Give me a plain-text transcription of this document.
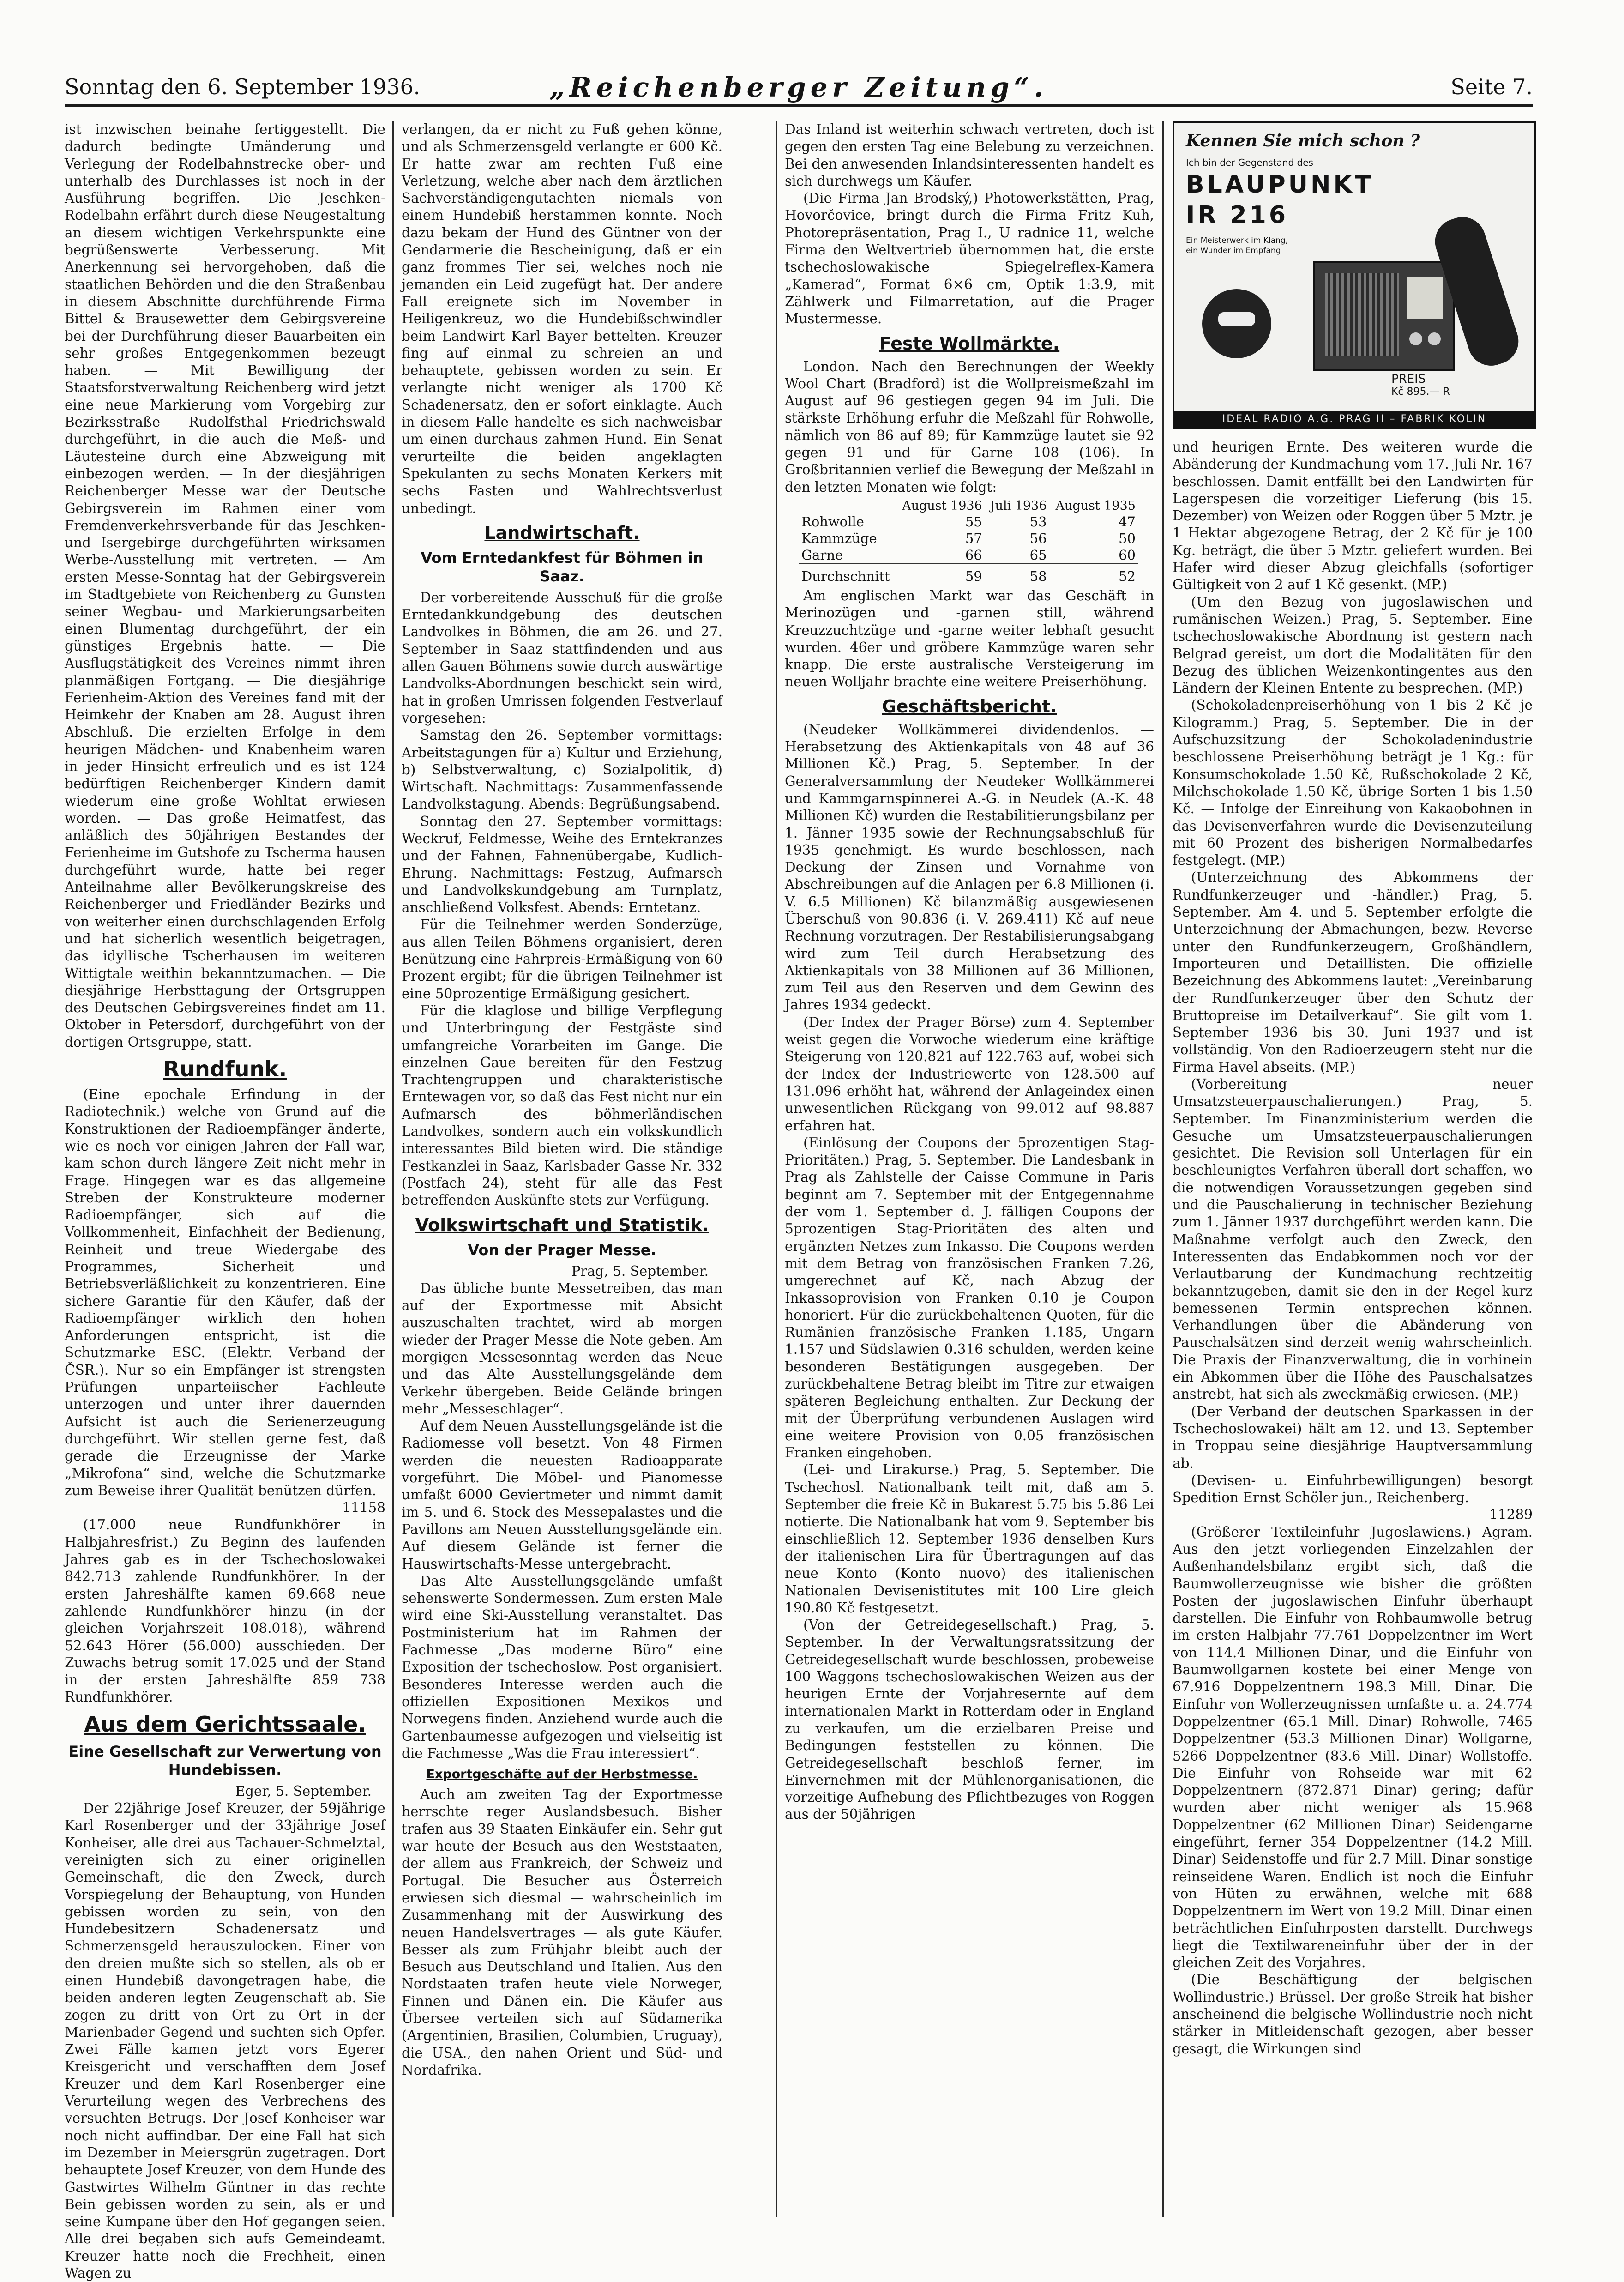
Sonntag den 6. September 1936.	„Reichenberger Zeitung“.	Seite 7.

ist inzwischen beinahe fertiggestellt. Die dadurch bedingte Umänderung und Verlegung der Rodelbahnstrecke ober- und unterhalb des Durchlasses ist noch in der Ausführung begriffen. Die Jeschken-Rodelbahn erfährt durch diese Neugestaltung an diesem wichtigen Verkehrspunkte eine begrüßenswerte Verbesserung. Mit Anerkennung sei hervorgehoben, daß die staatlichen Behörden und die den Straßenbau in diesem Abschnitte durchführende Firma Bittel & Brausewetter dem Gebirgsvereine bei der Durchführung dieser Bauarbeiten ein sehr großes Entgegenkommen bezeugt haben. — Mit Bewilligung der Staatsforstverwaltung Reichenberg wird jetzt eine neue Markierung vom Vorgebirg zur Bezirksstraße Rudolfsthal—Friedrichswald durchgeführt, in die auch die Meß- und Läutesteine durch eine Abzweigung mit einbezogen werden. — In der diesjährigen Reichenberger Messe war der Deutsche Gebirgsverein im Rahmen einer vom Fremdenverkehrsverbande für das Jeschken- und Isergebirge durchgeführten wirksamen Werbe-Ausstellung mit vertreten. — Am ersten Messe-Sonntag hat der Gebirgsverein im Stadtgebiete von Reichenberg zu Gunsten seiner Wegbau- und Markierungsarbeiten einen Blumentag durchgeführt, der ein günstiges Ergebnis hatte. — Die Ausflugstätigkeit des Vereines nimmt ihren planmäßigen Fortgang. — Die diesjährige Ferienheim-Aktion des Vereines fand mit der Heimkehr der Knaben am 28. August ihren Abschluß. Die erzielten Erfolge in dem heurigen Mädchen- und Knabenheim waren in jeder Hinsicht erfreulich und es ist 124 bedürftigen Reichenberger Kindern damit wiederum eine große Wohltat erwiesen worden. — Das große Heimatfest, das anläßlich des 50jährigen Bestandes der Ferienheime im Gutshofe zu Tscherma hausen durchgeführt wurde, hatte bei reger Anteilnahme aller Bevölkerungskreise des Reichenberger und Friedländer Bezirks und von weiterher einen durchschlagenden Erfolg und hat sicherlich wesentlich beigetragen, das idyllische Tscherhausen im weiteren Wittigtale weithin bekanntzumachen. — Die diesjährige Herbsttagung der Ortsgruppen des Deutschen Gebirgsvereines findet am 11. Oktober in Petersdorf, durchgeführt von der dortigen Ortsgruppe, statt.

Rundfunk.

(Eine epochale Erfindung in der Radiotechnik.) welche von Grund auf die Konstruktionen der Radioempfänger änderte, wie es noch vor einigen Jahren der Fall war, kam schon durch längere Zeit nicht mehr in Frage. Hingegen war es das allgemeine Streben der Konstrukteure moderner Radioempfänger, sich auf die Vollkommenheit, Einfachheit der Bedienung, Reinheit und treue Wiedergabe des Programmes, Sicherheit und Betriebsverläßlichkeit zu konzentrieren. Eine sichere Garantie für den Käufer, daß der Radioempfänger wirklich den hohen Anforderungen entspricht, ist die Schutzmarke ESC. (Elektr. Verband der ČSR.). Nur so ein Empfänger ist strengsten Prüfungen unparteiischer Fachleute unterzogen und unter ihrer dauernden Aufsicht ist auch die Serienerzeugung durchgeführt. Wir stellen gerne fest, daß gerade die Erzeugnisse der Marke „Mikrofona“ sind, welche die Schutzmarke zum Beweise ihrer Qualität benützen dürfen.

11158

(17.000 neue Rundfunkhörer in Halbjahresfrist.) Zu Beginn des laufenden Jahres gab es in der Tschechoslowakei 842.713 zahlende Rundfunkhörer. In der ersten Jahreshälfte kamen 69.668 neue zahlende Rundfunkhörer hinzu (in der gleichen Vorjahrszeit 108.018), während 52.643 Hörer (56.000) ausschieden. Der Zuwachs betrug somit 17.025 und der Stand in der ersten Jahreshälfte 859 738 Rundfunkhörer.

Aus dem Gerichtssaale.
Eine Gesellschaft zur Verwertung von Hundebissen.
Eger, 5. September.

Der 22jährige Josef Kreuzer, der 59jährige Karl Rosenberger und der 33jährige Josef Konheiser, alle drei aus Tachauer-Schmelztal, vereinigten sich zu einer originellen Gemeinschaft, die den Zweck, durch Vorspiegelung der Behauptung, von Hunden gebissen worden zu sein, von den Hundebesitzern Schadenersatz und Schmerzensgeld herauszulocken. Einer von den dreien mußte sich so stellen, als ob er einen Hundebiß davongetragen habe, die beiden anderen legten Zeugenschaft ab. Sie zogen zu dritt von Ort zu Ort in der Marienbader Gegend und suchten sich Opfer. Zwei Fälle kamen jetzt vors Egerer Kreisgericht und verschafften dem Josef Kreuzer und dem Karl Rosenberger eine Verurteilung wegen des Verbrechens des versuchten Betrugs. Der Josef Konheiser war noch nicht auffindbar. Der eine Fall hat sich im Dezember in Meiersgrün zugetragen. Dort behauptete Josef Kreuzer, von dem Hunde des Gastwirtes Wilhelm Güntner in das rechte Bein gebissen worden zu sein, als er und seine Kumpane über den Hof gegangen seien. Alle drei begaben sich aufs Gemeindeamt. Kreuzer hatte noch die Frechheit, einen Wagen zu

verlangen, da er nicht zu Fuß gehen könne, und als Schmerzensgeld verlangte er 600 Kč. Er hatte zwar am rechten Fuß eine Verletzung, welche aber nach dem ärztlichen Sachverständigengutachten niemals von einem Hundebiß herstammen konnte. Noch dazu bekam der Hund des Güntner von der Gendarmerie die Bescheinigung, daß er ein ganz frommes Tier sei, welches noch nie jemanden ein Leid zugefügt hat. Der andere Fall ereignete sich im November in Heiligenkreuz, wo die Hundebißschwindler beim Landwirt Karl Bayer bettelten. Kreuzer fing auf einmal zu schreien an und behauptete, gebissen worden zu sein. Er verlangte nicht weniger als 1700 Kč Schadenersatz, den er sofort einklagte. Auch in diesem Falle handelte es sich nachweisbar um einen durchaus zahmen Hund. Ein Senat verurteilte die beiden angeklagten Spekulanten zu sechs Monaten Kerkers mit sechs Fasten und Wahlrechtsverlust unbedingt.

Landwirtschaft.
Vom Erntedankfest für Böhmen in Saaz.

Der vorbereitende Ausschuß für die große Erntedankkundgebung des deutschen Landvolkes in Böhmen, die am 26. und 27. September in Saaz stattfindenden und aus allen Gauen Böhmens sowie durch auswärtige Landvolks-Abordnungen beschickt sein wird, hat in großen Umrissen folgenden Festverlauf vorgesehen:

Samstag den 26. September vormittags: Arbeitstagungen für a) Kultur und Erziehung, b) Selbstverwaltung, c) Sozialpolitik, d) Wirtschaft. Nachmittags: Zusammenfassende Landvolkstagung. Abends: Begrüßungsabend.

Sonntag den 27. September vormittags: Weckruf, Feldmesse, Weihe des Erntekranzes und der Fahnen, Fahnenübergabe, Kudlich-Ehrung. Nachmittags: Festzug, Aufmarsch und Landvolkskundgebung am Turnplatz, anschließend Volksfest. Abends: Erntetanz.

Für die Teilnehmer werden Sonderzüge, aus allen Teilen Böhmens organisiert, deren Benützung eine Fahrpreis-Ermäßigung von 60 Prozent ergibt; für die übrigen Teilnehmer ist eine 50prozentige Ermäßigung gesichert.

Für die klaglose und billige Verpflegung und Unterbringung der Festgäste sind umfangreiche Vorarbeiten im Gange. Die einzelnen Gaue bereiten für den Festzug Trachtengruppen und charakteristische Erntewagen vor, so daß das Fest nicht nur ein Aufmarsch des böhmerländischen Landvolkes, sondern auch ein volkskundlich interessantes Bild bieten wird. Die ständige Festkanzlei in Saaz, Karlsbader Gasse Nr. 332 (Postfach 24), steht für alle das Fest betreffenden Auskünfte stets zur Verfügung.

Volkswirtschaft und Statistik.
Von der Prager Messe.
Prag, 5. September.

Das übliche bunte Messetreiben, das man auf der Exportmesse mit Absicht auszuschalten trachtet, wird ab morgen wieder der Prager Messe die Note geben. Am morgigen Messesonntag werden das Neue und das Alte Ausstellungsgelände dem Verkehr übergeben. Beide Gelände bringen mehr „Messeschlager“.

Auf dem Neuen Ausstellungsgelände ist die Radiomesse voll besetzt. Von 48 Firmen werden die neuesten Radioapparate vorgeführt. Die Möbel- und Pianomesse umfaßt 6000 Geviertmeter und nimmt damit im 5. und 6. Stock des Messepalastes und die Pavillons am Neuen Ausstellungsgelände ein. Auf diesem Gelände ist ferner die Hauswirtschafts-Messe untergebracht.

Das Alte Ausstellungsgelände umfaßt sehenswerte Sondermessen. Zum ersten Male wird eine Ski-Ausstellung veranstaltet. Das Postministerium hat im Rahmen der Fachmesse „Das moderne Büro“ eine Exposition der tschechoslow. Post organisiert. Besonderes Interesse werden auch die offiziellen Expositionen Mexikos und Norwegens finden. Anziehend wurde auch die Gartenbaumesse aufgezogen und vielseitig ist die Fachmesse „Was die Frau interessiert“.

Exportgeschäfte auf der Herbstmesse.

Auch am zweiten Tag der Exportmesse herrschte reger Auslandsbesuch. Bisher trafen aus 39 Staaten Einkäufer ein. Sehr gut war heute der Besuch aus den Weststaaten, der allem aus Frankreich, der Schweiz und Portugal. Die Besucher aus Österreich erwiesen sich diesmal — wahrscheinlich im Zusammenhang mit der Auswirkung des neuen Handelsvertrages — als gute Käufer. Besser als zum Frühjahr bleibt auch der Besuch aus Deutschland und Italien. Aus den Nordstaaten trafen heute viele Norweger, Finnen und Dänen ein. Die Käufer aus Übersee verteilen sich auf Südamerika (Argentinien, Brasilien, Columbien, Uruguay), die USA., den nahen Orient und Süd- und Nordafrika.

Das Inland ist weiterhin schwach vertreten, doch ist gegen den ersten Tag eine Belebung zu verzeichnen. Bei den anwesenden Inlandsinteressenten handelt es sich durchwegs um Käufer.

(Die Firma Jan Brodský,) Photowerkstätten, Prag, Hovorčovice, bringt durch die Firma Fritz Kuh, Photorepräsentation, Prag I., U radnice 11, welche Firma den Weltvertrieb übernommen hat, die erste tschechoslowakische Spiegelreflex-Kamera „Kamerad“, Format 6×6 cm, Optik 1:3.9, mit Zählwerk und Filmarretation, auf die Prager Mustermesse.

Feste Wollmärkte.

London. Nach den Berechnungen der Weekly Wool Chart (Bradford) ist die Wollpreismeßzahl im August auf 96 gestiegen gegen 94 im Juli. Die stärkste Erhöhung erfuhr die Meßzahl für Rohwolle, nämlich von 86 auf 89; für Kammzüge lautet sie 92 gegen 91 und für Garne 108 (106). In Großbritannien verlief die Bewegung der Meßzahl in den letzten Monaten wie folgt:

	August 1936	Juli 1936	August 1935
Rohwolle	55	53	47
Kammzüge	57	56	50
Garne	66	65	60
Durchschnitt	59	58	52

Am englischen Markt war das Geschäft in Merinozügen und -garnen still, während Kreuzzuchtzüge und -garne weiter lebhaft gesucht wurden. 46er und gröbere Kammzüge waren sehr knapp. Die erste australische Versteigerung im neuen Wolljahr brachte eine weitere Preiserhöhung.

Geschäftsbericht.

(Neudeker Wollkämmerei dividendenlos. — Herabsetzung des Aktienkapitals von 48 auf 36 Millionen Kč.) Prag, 5. September. In der Generalversammlung der Neudeker Wollkämmerei und Kammgarnspinnerei A.-G. in Neudek (A.-K. 48 Millionen Kč) wurden die Restabilitierungsbilanz per 1. Jänner 1935 sowie der Rechnungsabschluß für 1935 genehmigt. Es wurde beschlossen, nach Deckung der Zinsen und Vornahme von Abschreibungen auf die Anlagen per 6.8 Millionen (i. V. 6.5 Millionen) Kč bilanzmäßig ausgewiesenen Überschuß von 90.836 (i. V. 269.411) Kč auf neue Rechnung vorzutragen. Der Restabilisierungsabgang wird zum Teil durch Herabsetzung des Aktienkapitals von 38 Millionen auf 36 Millionen, zum Teil aus den Reserven und dem Gewinn des Jahres 1934 gedeckt.

(Der Index der Prager Börse) zum 4. September weist gegen die Vorwoche wiederum eine kräftige Steigerung von 120.821 auf 122.763 auf, wobei sich der Index der Industriewerte von 128.500 auf 131.096 erhöht hat, während der Anlageindex einen unwesentlichen Rückgang von 99.012 auf 98.887 erfahren hat.

(Einlösung der Coupons der 5prozentigen Stag-Prioritäten.) Prag, 5. September. Die Landesbank in Prag als Zahlstelle der Caisse Commune in Paris beginnt am 7. September mit der Entgegennahme der vom 1. September d. J. fälligen Coupons der 5prozentigen Stag-Prioritäten des alten und ergänzten Netzes zum Inkasso. Die Coupons werden mit dem Betrag von französischen Franken 7.26, umgerechnet auf Kč, nach Abzug der Inkassoprovision von Franken 0.10 je Coupon honoriert. Für die zurückbehaltenen Quoten, für die Rumänien französische Franken 1.185, Ungarn 1.157 und Südslawien 0.316 schulden, werden keine besonderen Bestätigungen ausgegeben. Der zurückbehaltene Betrag bleibt im Titre zur etwaigen späteren Begleichung enthalten. Zur Deckung der mit der Überprüfung verbundenen Auslagen wird eine weitere Provision von 0.05 französischen Franken eingehoben.

(Lei- und Lirakurse.) Prag, 5. September. Die Tschechosl. Nationalbank teilt mit, daß am 5. September die freie Kč in Bukarest 5.75 bis 5.86 Lei notierte. Die Nationalbank hat vom 9. September bis einschließlich 12. September 1936 denselben Kurs der italienischen Lira für Übertragungen auf das neue Konto (Konto nuovo) des italienischen Nationalen Devisenistitutes mit 100 Lire gleich 190.80 Kč festgesetzt.

(Von der Getreidegesellschaft.) Prag, 5. September. In der Verwaltungsratssitzung der Getreidegesellschaft wurde beschlossen, probeweise 100 Waggons tschechoslowakischen Weizen aus der heurigen Ernte der Vorjahresernte auf dem internationalen Markt in Rotterdam oder in England zu verkaufen, um die erzielbaren Preise und Bedingungen feststellen zu können. Die Getreidegesellschaft beschloß ferner, im Einvernehmen mit der Mühlenorganisationen, die vorzeitige Aufhebung des Pflichtbezuges von Roggen aus der 50jährigen

Kennen Sie mich schon ?
Ich bin der Gegenstand des
BLAUPUNKT
IR 216
Ein Meisterwerk im Klang, ein Wunder im Empfang
PREIS
Kč 895.— R
IDEAL RADIO A.G. PRAG II – FABRIK KOLIN

und heurigen Ernte. Des weiteren wurde die Abänderung der Kundmachung vom 17. Juli Nr. 167 beschlossen. Damit entfällt bei den Landwirten für Lagerspesen die vorzeitiger Lieferung (bis 15. Dezember) von Weizen oder Roggen über 5 Mztr. je 1 Hektar abgezogene Betrag, der 2 Kč für je 100 Kg. beträgt, die über 5 Mztr. geliefert wurden. Bei Hafer wird dieser Abzug gleichfalls (sofortiger Gültigkeit von 2 auf 1 Kč gesenkt. (MP.)

(Um den Bezug von jugoslawischen und rumänischen Weizen.) Prag, 5. September. Eine tschechoslowakische Abordnung ist gestern nach Belgrad gereist, um dort die Modalitäten für den Bezug des üblichen Weizenkontingentes aus den Ländern der Kleinen Entente zu besprechen. (MP.)

(Schokoladenpreiserhöhung von 1 bis 2 Kč je Kilogramm.) Prag, 5. September. Die in der Aufschuzsitzung der Schokoladenindustrie beschlossene Preiserhöhung beträgt je 1 Kg.: für Konsumschokolade 1.50 Kč, Rußschokolade 2 Kč, Milchschokolade 1.50 Kč, übrige Sorten 1 bis 1.50 Kč. — Infolge der Einreihung von Kakaobohnen in das Devisenverfahren wurde die Devisenzuteilung mit 60 Prozent des bisherigen Normalbedarfes festgelegt. (MP.)

(Unterzeichnung des Abkommens der Rundfunkerzeuger und -händler.) Prag, 5. September. Am 4. und 5. September erfolgte die Unterzeichnung der Abmachungen, bezw. Reverse unter den Rundfunkerzeugern, Großhändlern, Importeuren und Detaillisten. Die offizielle Bezeichnung des Abkommens lautet: „Vereinbarung der Rundfunkerzeuger über den Schutz der Bruttopreise im Detailverkauf“. Sie gilt vom 1. September 1936 bis 30. Juni 1937 und ist vollständig. Von den Radioerzeugern steht nur die Firma Havel abseits. (MP.)

(Vorbereitung neuer Umsatzsteuerpauschalierungen.) Prag, 5. September. Im Finanzministerium werden die Gesuche um Umsatzsteuerpauschalierungen gesichtet. Die Revision soll Unterlagen für ein beschleunigtes Verfahren überall dort schaffen, wo die notwendigen Voraussetzungen gegeben sind und die Pauschalierung in technischer Beziehung zum 1. Jänner 1937 durchgeführt werden kann. Die Maßnahme verfolgt auch den Zweck, den Interessenten das Endabkommen noch vor der Verlautbarung der Kundmachung rechtzeitig bekanntzugeben, damit sie den in der Regel kurz bemessenen Termin entsprechen können. Verhandlungen über die Abänderung von Pauschalsätzen sind derzeit wenig wahrscheinlich. Die Praxis der Finanzverwaltung, die in vorhinein ein Abkommen über die Höhe des Pauschalsatzes anstrebt, hat sich als zweckmäßig erwiesen. (MP.)

(Der Verband der deutschen Sparkassen in der Tschechoslowakei) hält am 12. und 13. September in Troppau seine diesjährige Hauptversammlung ab.

(Devisen- u. Einfuhrbewilligungen) besorgt Spedition Ernst Schöler jun., Reichenberg.

11289

(Größerer Textileinfuhr Jugoslawiens.) Agram. Aus den jetzt vorliegenden Einzelzahlen der Außenhandelsbilanz ergibt sich, daß die Baumwollerzeugnisse wie bisher die größten Posten der jugoslawischen Einfuhr überhaupt darstellen. Die Einfuhr von Rohbaumwolle betrug im ersten Halbjahr 77.761 Doppelzentner im Wert von 114.4 Millionen Dinar, und die Einfuhr von Baumwollgarnen kostete bei einer Menge von 67.916 Doppelzentnern 198.3 Mill. Dinar. Die Einfuhr von Wollerzeugnissen umfaßte u. a. 24.774 Doppelzentner (65.1 Mill. Dinar) Rohwolle, 7465 Doppelzentner (53.3 Millionen Dinar) Wollgarne, 5266 Doppelzentner (83.6 Mill. Dinar) Wollstoffe. Die Einfuhr von Rohseide war mit 62 Doppelzentnern (872.871 Dinar) gering; dafür wurden aber nicht weniger als 15.968 Doppelzentner (62 Millionen Dinar) Seidengarne eingeführt, ferner 354 Doppelzentner (14.2 Mill. Dinar) Seidenstoffe und für 2.7 Mill. Dinar sonstige reinseidene Waren. Endlich ist noch die Einfuhr von Hüten zu erwähnen, welche mit 688 Doppelzentnern im Wert von 19.2 Mill. Dinar einen beträchtlichen Einfuhrposten darstellt. Durchwegs liegt die Textilwareneinfuhr über der in der gleichen Zeit des Vorjahres.

(Die Beschäftigung der belgischen Wollindustrie.) Brüssel. Der große Streik hat bisher anscheinend die belgische Wollindustrie noch nicht stärker in Mitleidenschaft gezogen, aber besser gesagt, die Wirkungen sind
